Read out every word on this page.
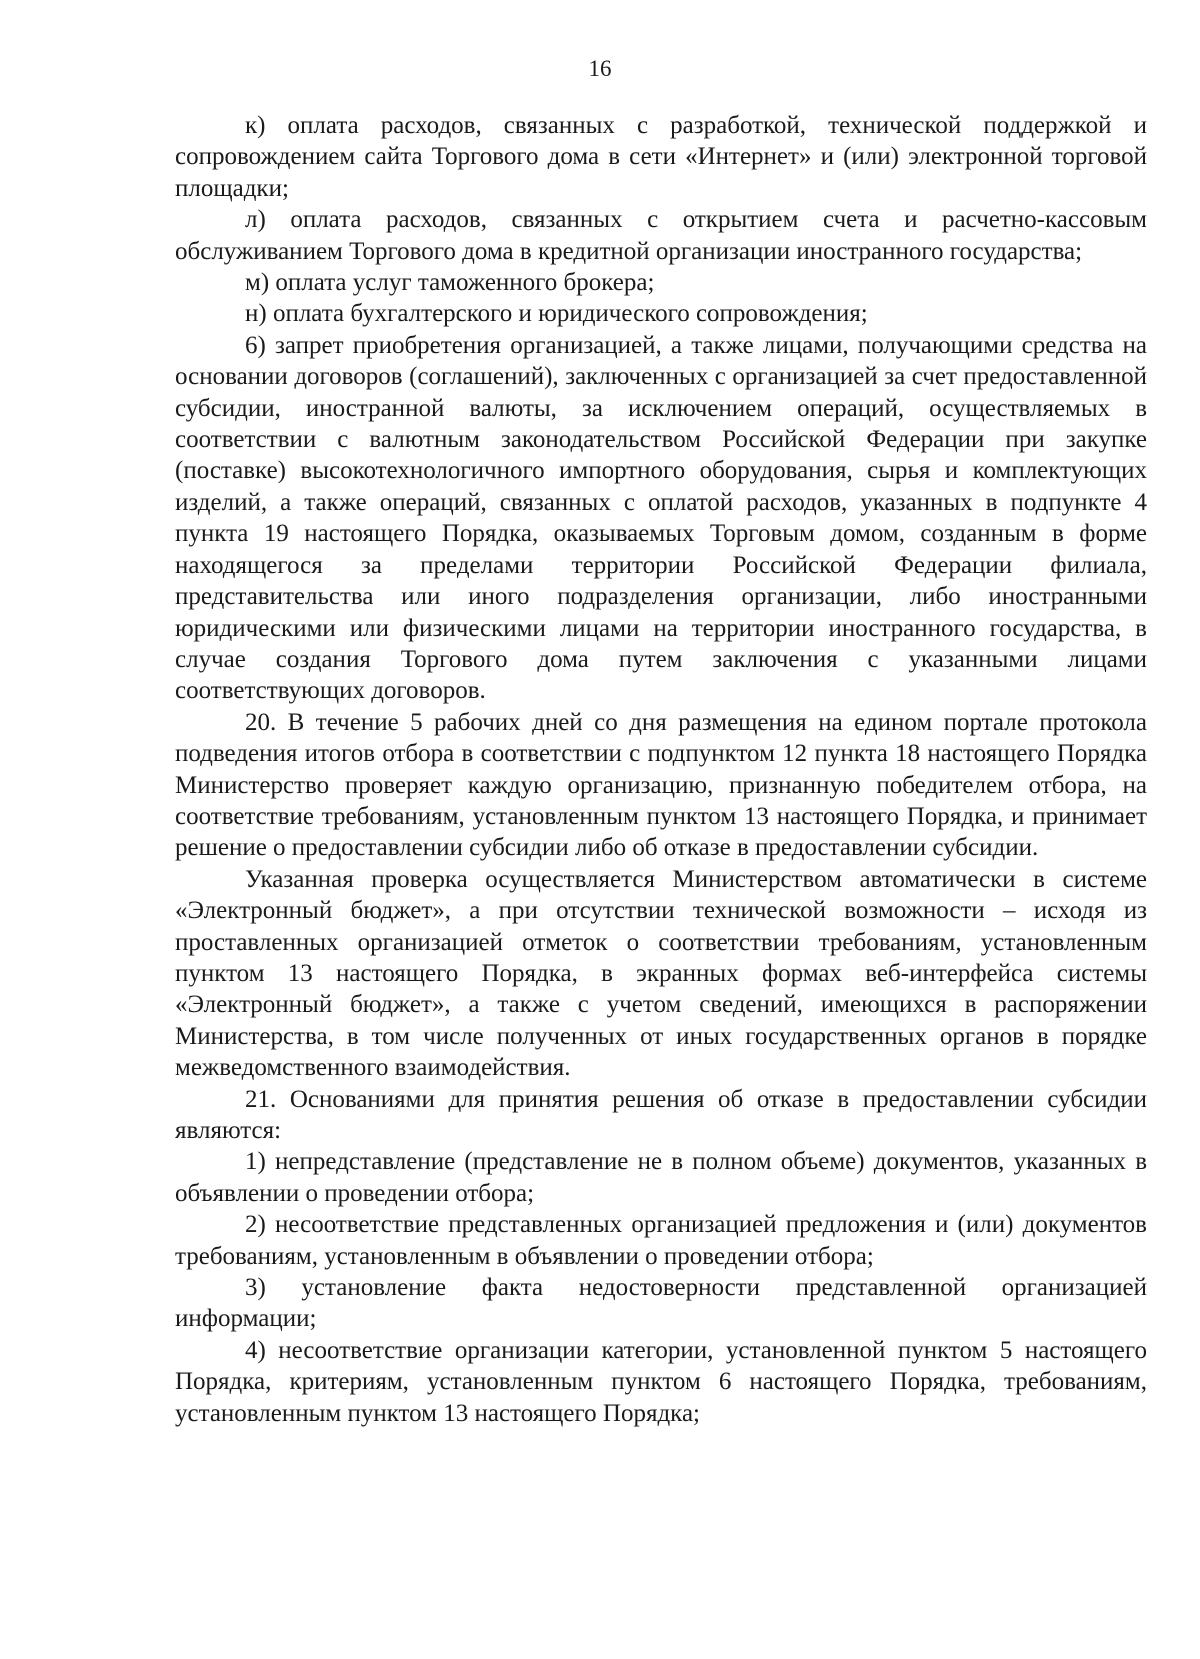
16

к) оплата расходов, связанных с разработкой, технической поддержкой и сопровождением сайта Торгового дома в сети «Интернет» и (или) электронной торговой площадки;

л) оплата расходов, связанных с открытием счета и расчетно-кассовым обслуживанием Торгового дома в кредитной организации иностранного государства;

м) оплата услуг таможенного брокера;

н) оплата бухгалтерского и юридического сопровождения;

6) запрет приобретения организацией, а также лицами, получающими средства на основании договоров (соглашений), заключенных с организацией за счет предоставленной субсидии, иностранной валюты, за исключением операций, осуществляемых в соответствии с валютным законодательством Российской Федерации при закупке (поставке) высокотехнологичного импортного оборудования, сырья и комплектующих изделий, а также операций, связанных с оплатой расходов, указанных в подпункте 4 пункта 19 настоящего Порядка, оказываемых Торговым домом, созданным в форме находящегося за пределами территории Российской Федерации филиала, представительства или иного подразделения организации, либо иностранными юридическими или физическими лицами на территории иностранного государства, в случае создания Торгового дома путем заключения с указанными лицами соответствующих договоров.

20. В течение 5 рабочих дней со дня размещения на едином портале протокола подведения итогов отбора в соответствии с подпунктом 12 пункта 18 настоящего Порядка Министерство проверяет каждую организацию, признанную победителем отбора, на соответствие требованиям, установленным пунктом 13 настоящего Порядка, и принимает решение о предоставлении субсидии либо об отказе в предоставлении субсидии.

Указанная проверка осуществляется Министерством автоматически в системе «Электронный бюджет», а при отсутствии технической возможности – исходя из проставленных организацией отметок о соответствии требованиям, установленным пунктом 13 настоящего Порядка, в экранных формах веб-интерфейса системы «Электронный бюджет», а также с учетом сведений, имеющихся в распоряжении Министерства, в том числе полученных от иных государственных органов в порядке межведомственного взаимодействия.

21. Основаниями для принятия решения об отказе в предоставлении субсидии являются:

1) непредставление (представление не в полном объеме) документов, указанных в объявлении о проведении отбора;

2) несоответствие представленных организацией предложения и (или) документов требованиям, установленным в объявлении о проведении отбора;

3) установление факта недостоверности представленной организацией информации;

4) несоответствие организации категории, установленной пунктом 5 настоящего Порядка, критериям, установленным пунктом 6 настоящего Порядка, требованиям, установленным пунктом 13 настоящего Порядка;
